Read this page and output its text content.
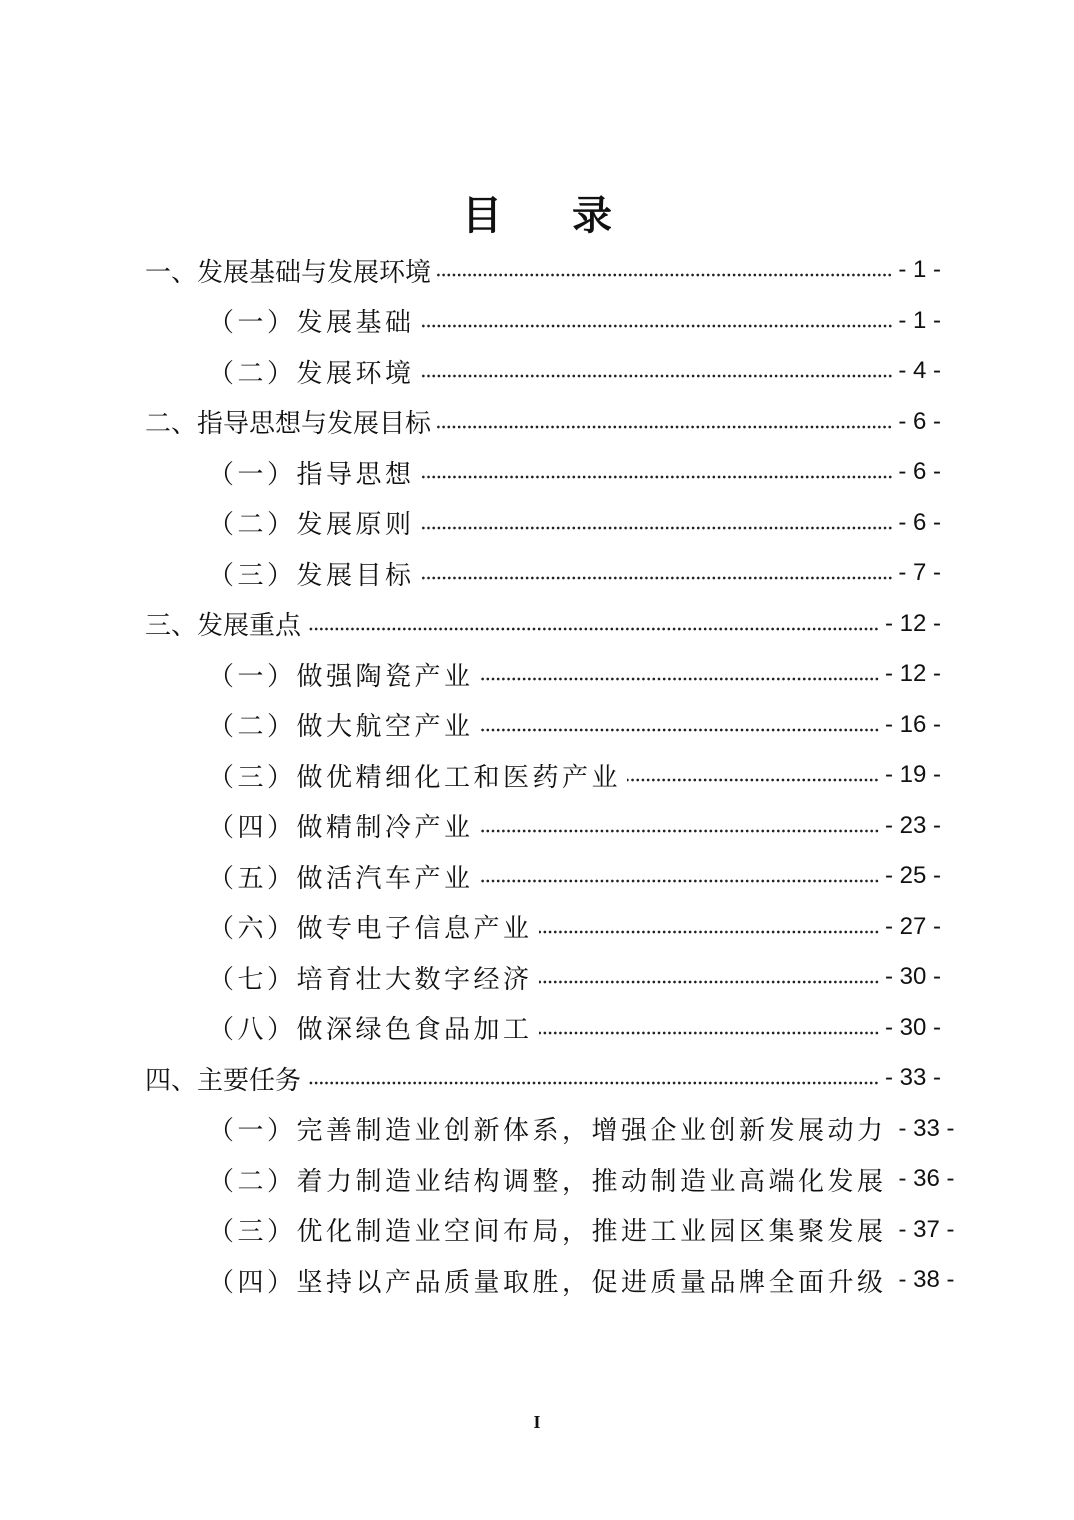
目 录
一、发展基础与发展环境	- 1 -
（一）发展基础	- 1 -
（二）发展环境	- 4 -
二、指导思想与发展目标	- 6 -
（一）指导思想	- 6 -
（二）发展原则	- 6 -
（三）发展目标	- 7 -
三、发展重点	- 12 -
（一）做强陶瓷产业	- 12 -
（二）做大航空产业	- 16 -
（三）做优精细化工和医药产业	- 19 -
（四）做精制冷产业	- 23 -
（五）做活汽车产业	- 25 -
（六）做专电子信息产业	- 27 -
（七）培育壮大数字经济	- 30 -
（八）做深绿色食品加工	- 30 -
四、主要任务	- 33 -
（一）完善制造业创新体系，增强企业创新发展动力 - 33 -
（二）着力制造业结构调整，推动制造业高端化发展 - 36 -
（三）优化制造业空间布局，推进工业园区集聚发展 - 37 -
（四）坚持以产品质量取胜，促进质量品牌全面升级 - 38 -
I
